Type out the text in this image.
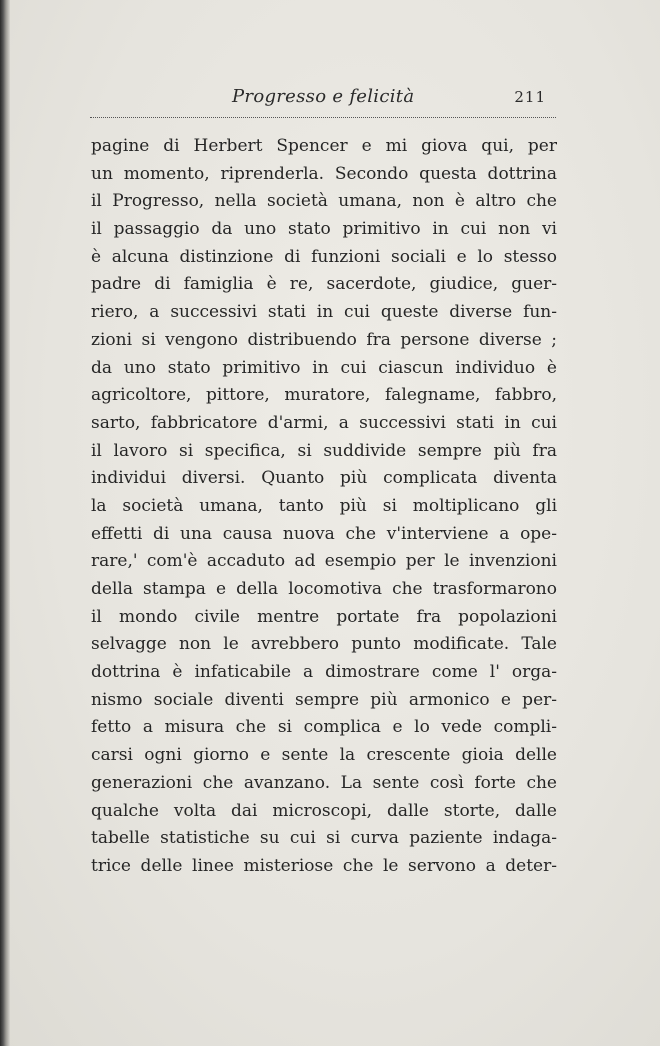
Progresso e felicità	211
pagine di Herbert Spencer e mi giova qui, per
un momento, riprenderla. Secondo questa dottrina
il Progresso, nella società umana, non è altro che
il passaggio da uno stato primitivo in cui non vi
è alcuna distinzione di funzioni sociali e lo stesso
padre di famiglia è re, sacerdote, giudice, guer-
riero, a successivi stati in cui queste diverse fun-
zioni si vengono distribuendo fra persone diverse ;
da uno stato primitivo in cui ciascun individuo è
agricoltore, pittore, muratore, falegname, fabbro,
sarto, fabbricatore d'armi, a successivi stati in cui
il lavoro si specifica, si suddivide sempre più fra
individui diversi. Quanto più complicata diventa
la società umana, tanto più si moltiplicano gli
effetti di una causa nuova che v'interviene a ope-
rare,' com'è accaduto ad esempio per le invenzioni
della stampa e della locomotiva che trasformarono
il mondo civile mentre portate fra popolazioni
selvagge non le avrebbero punto modificate. Tale
dottrina è infaticabile a dimostrare come l' orga-
nismo sociale diventi sempre più armonico e per-
fetto a misura che si complica e lo vede compli-
carsi ogni giorno e sente la crescente gioia delle
generazioni che avanzano. La sente così forte che
qualche volta dai microscopi, dalle storte, dalle
tabelle statistiche su cui si curva paziente indaga-
trice delle linee misteriose che le servono a deter-
